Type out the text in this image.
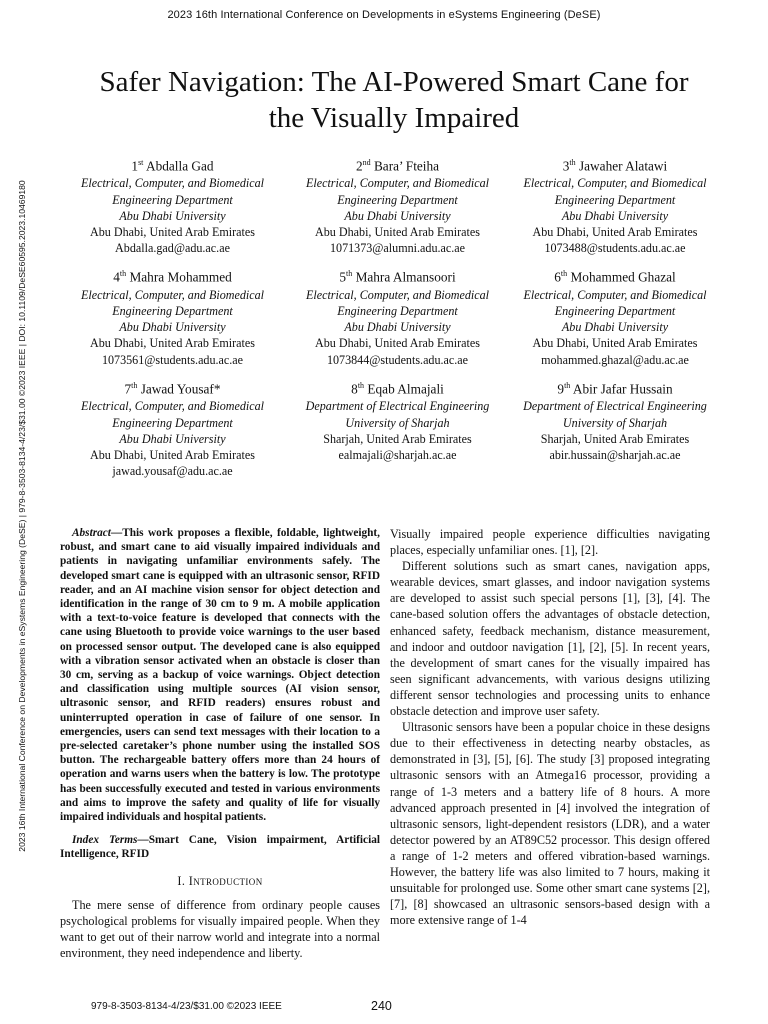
2023 16th International Conference on Developments in eSystems Engineering (DeSE)
2023 16th International Conference on Developments in eSystems Engineering (DeSE) | 979-8-3503-8134-4/23/$31.00 ©2023 IEEE | DOI: 10.1109/DeSE60595.2023.10469180
Safer Navigation: The AI-Powered Smart Cane for
the Visually Impaired
1st Abdalla Gad
Electrical, Computer, and Biomedical
Engineering Department
Abu Dhabi University
Abu Dhabi, United Arab Emirates
Abdalla.gad@adu.ac.ae
2nd Bara’ Fteiha
Electrical, Computer, and Biomedical
Engineering Department
Abu Dhabi University
Abu Dhabi, United Arab Emirates
1071373@alumni.adu.ac.ae
3th Jawaher Alatawi
Electrical, Computer, and Biomedical
Engineering Department
Abu Dhabi University
Abu Dhabi, United Arab Emirates
1073488@students.adu.ac.ae
4th Mahra Mohammed
Electrical, Computer, and Biomedical
Engineering Department
Abu Dhabi University
Abu Dhabi, United Arab Emirates
1073561@students.adu.ac.ae
5th Mahra Almansoori
Electrical, Computer, and Biomedical
Engineering Department
Abu Dhabi University
Abu Dhabi, United Arab Emirates
1073844@students.adu.ac.ae
6th Mohammed Ghazal
Electrical, Computer, and Biomedical
Engineering Department
Abu Dhabi University
Abu Dhabi, United Arab Emirates
mohammed.ghazal@adu.ac.ae
7th Jawad Yousaf*
Electrical, Computer, and Biomedical
Engineering Department
Abu Dhabi University
Abu Dhabi, United Arab Emirates
jawad.yousaf@adu.ac.ae
8th Eqab Almajali
Department of Electrical Engineering
University of Sharjah
Sharjah, United Arab Emirates
ealmajali@sharjah.ac.ae
9th Abir Jafar Hussain
Department of Electrical Engineering
University of Sharjah
Sharjah, United Arab Emirates
abir.hussain@sharjah.ac.ae

Abstract—This work proposes a flexible, foldable, lightweight, robust, and smart cane to aid visually impaired individuals and patients in navigating unfamiliar environments safely. The developed smart cane is equipped with an ultrasonic sensor, RFID reader, and an AI machine vision sensor for object detection and identification in the range of 30 cm to 9 m. A mobile application with a text-to-voice feature is developed that connects with the cane using Bluetooth to provide voice warnings to the user based on processed sensor output. The developed cane is also equipped with a vibration sensor activated when an obstacle is closer than 30 cm, serving as a backup of voice warnings. Object detection and classification using multiple sources (AI vision sensor, ultrasonic sensor, and RFID readers) ensures robust and uninterrupted operation in case of failure of one sensor. In emergencies, users can send text messages with their location to a pre-selected caretaker’s phone number using the installed SOS button. The rechargeable battery offers more than 24 hours of operation and warns users when the battery is low. The prototype has been successfully executed and tested in various environments and aims to improve the safety and quality of life for visually impaired individuals and hospital patients.

Index Terms—Smart Cane, Vision impairment, Artificial Intelligence, RFID

I. Introduction

The mere sense of difference from ordinary people causes psychological problems for visually impaired people. When they want to get out of their narrow world and integrate into a normal environment, they need independence and liberty.

Visually impaired people experience difficulties navigating places, especially unfamiliar ones. [1], [2].

Different solutions such as smart canes, navigation apps, wearable devices, smart glasses, and indoor navigation systems are developed to assist such special persons [1], [3], [4]. The cane-based solution offers the advantages of obstacle detection, enhanced safety, feedback mechanism, distance measurement, and indoor and outdoor navigation [1], [2], [5]. In recent years, the development of smart canes for the visually impaired has seen significant advancements, with various designs utilizing different sensor technologies and processing units to enhance obstacle detection and improve user safety.

Ultrasonic sensors have been a popular choice in these designs due to their effectiveness in detecting nearby obstacles, as demonstrated in [3], [5], [6]. The study [3] proposed integrating ultrasonic sensors with an Atmega16 processor, providing a range of 1-3 meters and a battery life of 8 hours. A more advanced approach presented in [4] involved the integration of ultrasonic sensors, light-dependent resistors (LDR), and a water detector powered by an AT89C52 processor. This design offered a range of 1-2 meters and offered vibration-based warnings. However, the battery life was also limited to 7 hours, making it unsuitable for prolonged use. Some other smart cane systems [2], [7], [8] showcased an ultrasonic sensors-based design with a more extensive range of 1-4

979-8-3503-8134-4/23/$31.00 ©2023 IEEE	240
